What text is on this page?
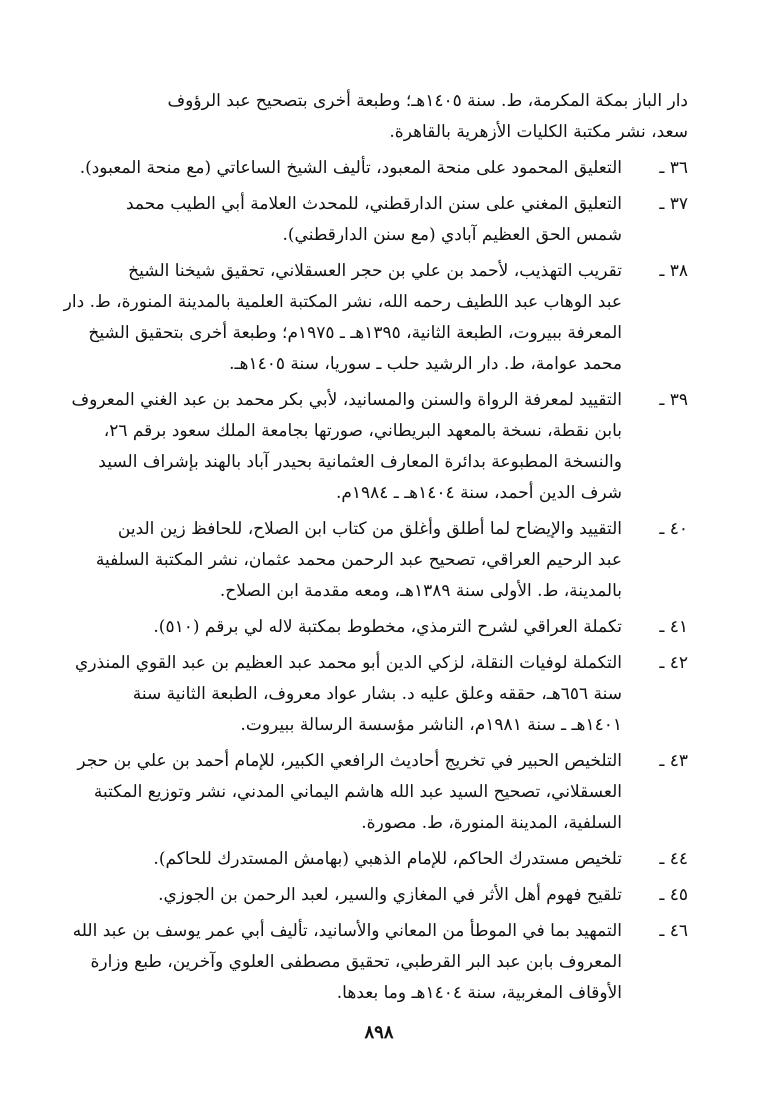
دار الباز بمكة المكرمة، ط. سنة ١٤٠٥هـ؛ وطبعة أخرى بتصحيح عبد الرؤوف
سعد، نشر مكتبة الكليات الأزهرية بالقاهرة.
٣٦ ـ
التعليق المحمود على منحة المعبود، تأليف الشيخ الساعاتي (مع منحة المعبود).
٣٧ ـ
التعليق المغني على سنن الدارقطني، للمحدث العلامة أبي الطيب محمد
شمس الحق العظيم آبادي (مع سنن الدارقطني).
٣٨ ـ
تقريب التهذيب، لأحمد بن علي بن حجر العسقلاني، تحقيق شيخنا الشيخ
عبد الوهاب عبد اللطيف رحمه الله، نشر المكتبة العلمية بالمدينة المنورة، ط. دار
المعرفة ببيروت، الطبعة الثانية، ١٣٩٥هـ ـ ١٩٧٥م؛ وطبعة أخرى بتحقيق الشيخ
محمد عوامة، ط. دار الرشيد حلب ـ سوريا، سنة ١٤٠٥هـ.
٣٩ ـ
التقييد لمعرفة الرواة والسنن والمسانيد، لأبي بكر محمد بن عبد الغني المعروف
بابن نقطة، نسخة بالمعهد البريطاني، صورتها بجامعة الملك سعود برقم ٢٦،
والنسخة المطبوعة بدائرة المعارف العثمانية بحيدر آباد بالهند بإشراف السيد
شرف الدين أحمد، سنة ١٤٠٤هـ ـ ١٩٨٤م.
٤٠ ـ
التقييد والإيضاح لما أطلق وأغلق من كتاب ابن الصلاح، للحافظ زين الدين
عبد الرحيم العراقي، تصحيح عبد الرحمن محمد عثمان، نشر المكتبة السلفية
بالمدينة، ط. الأولى سنة ١٣٨٩هـ، ومعه مقدمة ابن الصلاح.
٤١ ـ
تكملة العراقي لشرح الترمذي، مخطوط بمكتبة لاله لي برقم (٥١٠).
٤٢ ـ
التكملة لوفيات النقلة، لزكي الدين أبو محمد عبد العظيم بن عبد القوي المنذري
سنة ٦٥٦هـ، حققه وعلق عليه د. بشار عواد معروف، الطبعة الثانية سنة
١٤٠١هـ ـ سنة ١٩٨١م، الناشر مؤسسة الرسالة ببيروت.
٤٣ ـ
التلخيص الحبير في تخريج أحاديث الرافعي الكبير، للإمام أحمد بن علي بن حجر
العسقلاني، تصحيح السيد عبد الله هاشم اليماني المدني، نشر وتوزيع المكتبة
السلفية، المدينة المنورة، ط. مصورة.
٤٤ ـ
تلخيص مستدرك الحاكم، للإمام الذهبي (بهامش المستدرك للحاكم).
٤٥ ـ
تلقيح فهوم أهل الأثر في المغازي والسير، لعبد الرحمن بن الجوزي.
٤٦ ـ
التمهيد بما في الموطأ من المعاني والأسانيد، تأليف أبي عمر يوسف بن عبد الله
المعروف بابن عبد البر القرطبي، تحقيق مصطفى العلوي وآخرين، طبع وزارة
الأوقاف المغربية، سنة ١٤٠٤هـ وما بعدها.
٨٩٨
